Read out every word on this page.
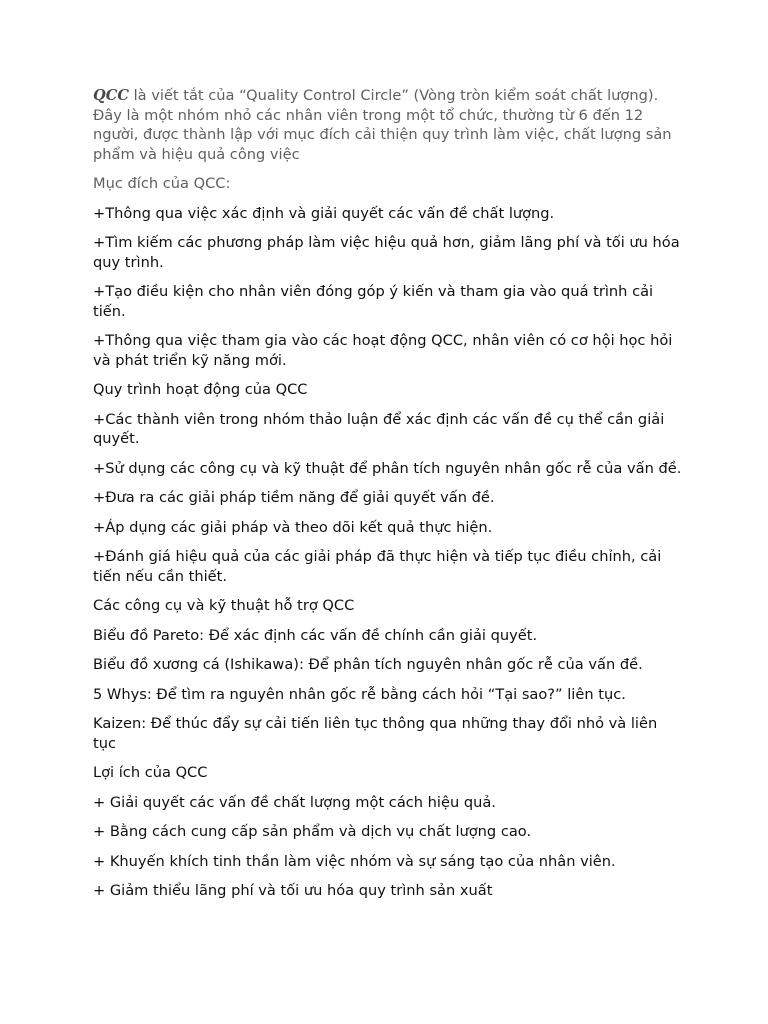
QCC là viết tắt của “Quality Control Circle” (Vòng tròn kiểm soát chất lượng). Đây là một nhóm nhỏ các nhân viên trong một tổ chức, thường từ 6 đến 12 người, được thành lập với mục đích cải thiện quy trình làm việc, chất lượng sản phẩm và hiệu quả công việc

Mục đích của QCC:

+Thông qua việc xác định và giải quyết các vấn đề chất lượng.

+Tìm kiếm các phương pháp làm việc hiệu quả hơn, giảm lãng phí và tối ưu hóa quy trình.

+Tạo điều kiện cho nhân viên đóng góp ý kiến và tham gia vào quá trình cải tiến.

+Thông qua việc tham gia vào các hoạt động QCC, nhân viên có cơ hội học hỏi và phát triển kỹ năng mới.

Quy trình hoạt động của QCC

+Các thành viên trong nhóm thảo luận để xác định các vấn đề cụ thể cần giải quyết.

+Sử dụng các công cụ và kỹ thuật để phân tích nguyên nhân gốc rễ của vấn đề.

+Đưa ra các giải pháp tiềm năng để giải quyết vấn đề.

+Áp dụng các giải pháp và theo dõi kết quả thực hiện.

+Đánh giá hiệu quả của các giải pháp đã thực hiện và tiếp tục điều chỉnh, cải tiến nếu cần thiết.

Các công cụ và kỹ thuật hỗ trợ QCC

Biểu đồ Pareto: Để xác định các vấn đề chính cần giải quyết.

Biểu đồ xương cá (Ishikawa): Để phân tích nguyên nhân gốc rễ của vấn đề.

5 Whys: Để tìm ra nguyên nhân gốc rễ bằng cách hỏi “Tại sao?” liên tục.

Kaizen: Để thúc đẩy sự cải tiến liên tục thông qua những thay đổi nhỏ và liên tục

Lợi ích của QCC

+ Giải quyết các vấn đề chất lượng một cách hiệu quả.

+ Bằng cách cung cấp sản phẩm và dịch vụ chất lượng cao.

+ Khuyến khích tinh thần làm việc nhóm và sự sáng tạo của nhân viên.

+ Giảm thiểu lãng phí và tối ưu hóa quy trình sản xuất
